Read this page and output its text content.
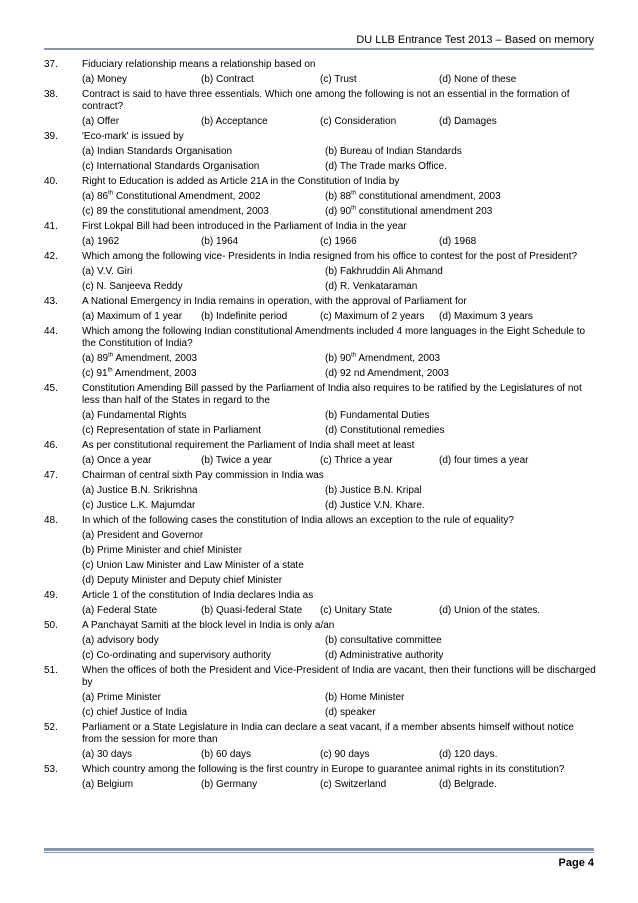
DU LLB Entrance Test 2013 – Based on memory
37.	Fiduciary relationship means a relationship based on
(a) Money	(b) Contract	(c) Trust	(d) None of these
38.	Contract is said to have three essentials. Which one among the following is not an essential in the formation of contract?
(a) Offer	(b) Acceptance	(c) Consideration	(d) Damages
39.	'Eco-mark' is issued by
(a) Indian Standards Organisation	(b) Bureau of Indian Standards
(c) International Standards Organisation	(d) The Trade marks Office.
40.	Right to Education is added as Article 21A in the Constitution of India by
(a) 86th Constitutional Amendment, 2002	(b) 88th constitutional amendment, 2003
(c) 89 the constitutional amendment, 2003	(d) 90th constitutional amendment 203
41.	First Lokpal Bill had been introduced in the Parliament of India in the year
(a) 1962	(b) 1964	(c) 1966	(d) 1968
42.	Which among the following vice- Presidents in India resigned from his office to contest for the post of President?
(a) V.V. Giri	(b) Fakhruddin Ali Ahmand
(c) N. Sanjeeva Reddy	(d) R. Venkataraman
43.	A National Emergency in India remains in operation, with the approval of Parliament for
(a) Maximum of 1 year	(b) Indefinite period	(c) Maximum of 2 years	(d) Maximum 3 years
44.	Which among the following Indian constitutional Amendments included 4 more languages in the Eight Schedule to the Constitution of India?
(a) 89th Amendment, 2003	(b) 90th Amendment, 2003
(c) 91th Amendment, 2003	(d) 92 nd Amendment, 2003
45.	Constitution Amending Bill passed by the Parliament of India also requires to be ratified by the Legislatures of not less than half of the States in regard to the
(a) Fundamental Rights	(b) Fundamental Duties
(c) Representation of state in Parliament	(d) Constitutional remedies
46.	As per constitutional requirement the Parliament of India shall meet at least
(a) Once a year	(b) Twice a year	(c) Thrice a year	(d) four times a year
47.	Chairman of central sixth Pay commission in India was
(a) Justice B.N. Srikrishna	(b) Justice B.N. Kripal
(c) Justice L.K. Majumdar	(d) Justice V.N. Khare.
48.	In which of the following cases the constitution of India allows an exception to the rule of equality?
(a) President and Governor
(b) Prime Minister and chief Minister
(c) Union Law Minister and Law Minister of a state
(d) Deputy Minister and Deputy chief Minister
49.	Article 1 of the constitution of India declares India as
(a) Federal State	(b) Quasi-federal State	(c) Unitary State	(d) Union of the states.
50.	A Panchayat Samiti at the block level in India is only a/an
(a) advisory body	(b) consultative committee
(c) Co-ordinating and supervisory authority	(d) Administrative authority
51.	When the offices of both the President and Vice-President of India are vacant, then their functions will be discharged by
(a) Prime Minister	(b) Home Minister
(c) chief Justice of India	(d) speaker
52.	Parliament or a State Legislature in India can declare a seat vacant, if a member absents himself without notice from the session for more than
(a) 30 days	(b) 60 days	(c) 90 days	(d) 120 days.
53.	Which country among the following is the first country in Europe to guarantee animal rights in its constitution?
(a) Belgium	(b) Germany	(c) Switzerland	(d) Belgrade.
Page 4
